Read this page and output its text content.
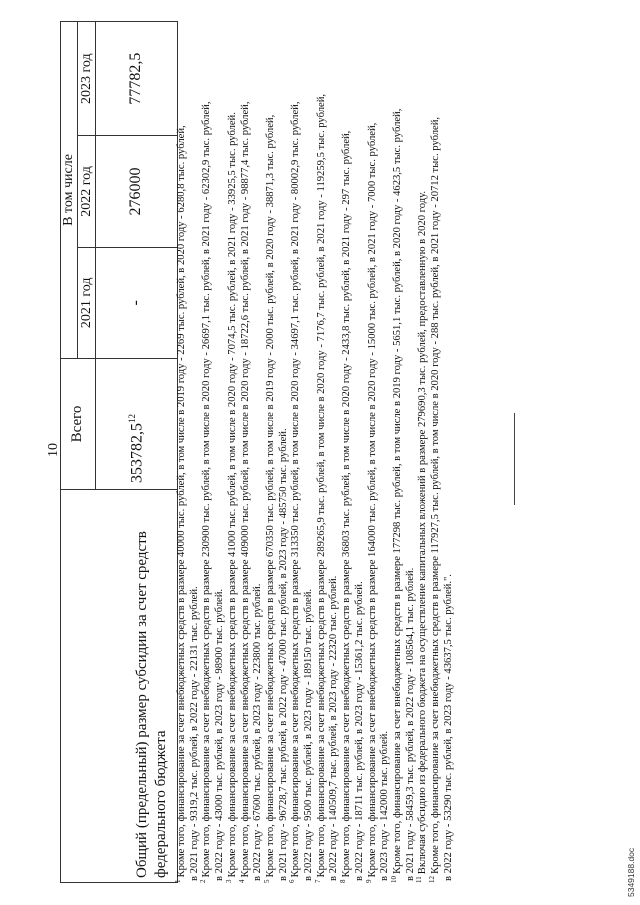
10
Общий (предельный) размер субсидии за счет средств федерального бюджета	Всего	В том числе		
		2021 год	2022 год	2023 год
	353782,5$^{12}$	-	276000	77782,5

$^1$Кроме того, финансирование за счет внебюджетных средств в размере 40000 тыс. рублей, в том числе в 2019 году - 2269 тыс. рублей, в 2020 году - 6280,8 тыс. рублей, в 2021 году - 9319,2 тыс. рублей, в 2022 году - 22131 тыс. рублей.

$^2$Кроме того, финансирование за счет внебюджетных средств в размере 230900 тыс. рублей, в том числе в 2020 году - 26697,1 тыс. рублей, в 2021 году - 62302,9 тыс. рублей, в 2022 году - 43000 тыс. рублей, в 2023 году - 98900 тыс. рублей.

$^3$Кроме того, финансирование за счет внебюджетных средств в размере 41000 тыс. рублей, в том числе в 2020 году - 7074,5 тыс. рублей, в 2021 году - 33925,5 тыс. рублей.

$^4$Кроме того, финансирование за счет внебюджетных средств в размере 409000 тыс. рублей, в том числе в 2020 году - 18722,6 тыс. рублей, в 2021 году - 98877,4 тыс. рублей, в 2022 году - 67600 тыс. рублей, в 2023 году - 223800 тыс. рублей.

$^5$Кроме того, финансирование за счет внебюджетных средств в размере 670350 тыс. рублей, в том числе в 2019 году - 2000 тыс. рублей, в 2020 году - 38871,3 тыс. рублей, в 2021 году - 96728,7 тыс. рублей, в 2022 году - 47000 тыс. рублей, в 2023 году - 485750 тыс. рублей.

$^6$Кроме того, финансирование за счет внебюджетных средств в размере 313350 тыс. рублей, в том числе в 2020 году - 34697,1 тыс. рублей, в 2021 году - 80002,9 тыс. рублей, в 2022 году - 9500 тыс. рублей, в 2023 году - 189150 тыс. рублей.

$^7$Кроме того, финансирование за счет внебюджетных средств в размере 289265,9 тыс. рублей, в том числе в 2020 году - 7176,7 тыс. рублей, в 2021 году - 119259,5 тыс. рублей, в 2022 году - 140509,7 тыс. рублей, в 2023 году - 22320 тыс. рублей.

$^8$Кроме того, финансирование за счет внебюджетных средств в размере 36803 тыс. рублей, в том числе в 2020 году - 2433,8 тыс. рублей, в 2021 году - 297 тыс. рублей, в 2022 году - 18711 тыс. рублей, в 2023 году - 15361,2 тыс. рублей.

$^9$Кроме того, финансирование за счет внебюджетных средств в размере 164000 тыс. рублей, в том числе в 2020 году - 15000 тыс. рублей, в 2021 году - 7000 тыс. рублей, в 2023 году - 142000 тыс. рублей. $^{10}$Кроме того, финансирование за счет внебюджетных средств в размере 177298 тыс. рублей, в том числе в 2019 году - 5651,1 тыс. рублей, в 2020 году - 4623,5 тыс. рублей, в 2021 году - 58459,3 тыс. рублей, в 2022 году - 108564,1 тыс. рублей. $^{11}$Включая субсидию из федерального бюджета на осуществление капитальных вложений в размере 279690,3 тыс. рублей, предоставленную в 2020 году.

$^{12}$Кроме того, финансирование за счет внебюджетных средств в размере 117927,5 тыс. рублей, в том числе в 2020 году - 288 тыс. рублей, в 2021 году - 20712 тыс. рублей, в 2022 году - 53290 тыс. рублей, в 2023 году - 43637,5 тыс. рублей.".	5349188.doc
